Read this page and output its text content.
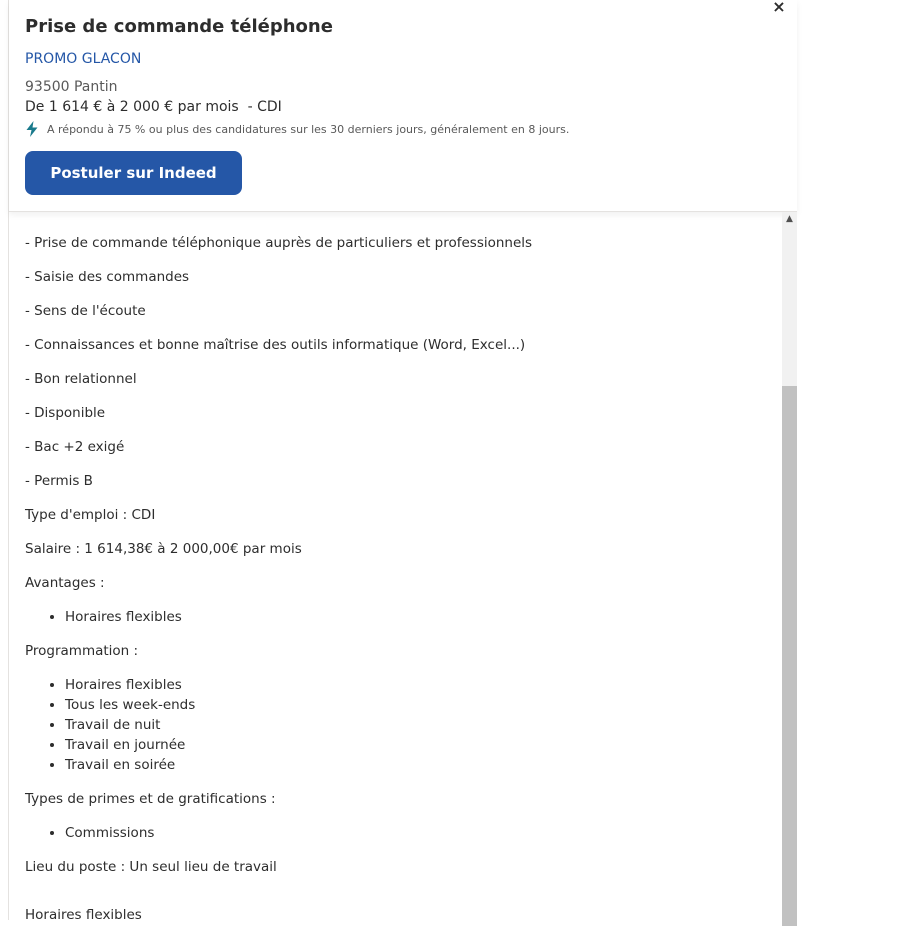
×
Prise de commande téléphone
PROMO GLACON
93500 Pantin
De 1 614 € à 2 000 € par mois  - CDI
A répondu à 75 % ou plus des candidatures sur les 30 derniers jours, généralement en 8 jours.
Postuler sur Indeed

- Prise de commande téléphonique auprès de particuliers et professionnels

- Saisie des commandes

- Sens de l'écoute

- Connaissances et bonne maîtrise des outils informatique (Word, Excel...)

- Bon relationnel

- Disponible

- Bac +2 exigé

- Permis B

Type d'emploi : CDI

Salaire : 1 614,38€ à 2 000,00€ par mois

Avantages :

• Horaires flexibles

Programmation :

• Horaires flexibles
• Tous les week-ends
• Travail de nuit
• Travail en journée
• Travail en soirée

Types de primes et de gratifications :

• Commissions

Lieu du poste : Un seul lieu de travail

Horaires flexibles

▲
